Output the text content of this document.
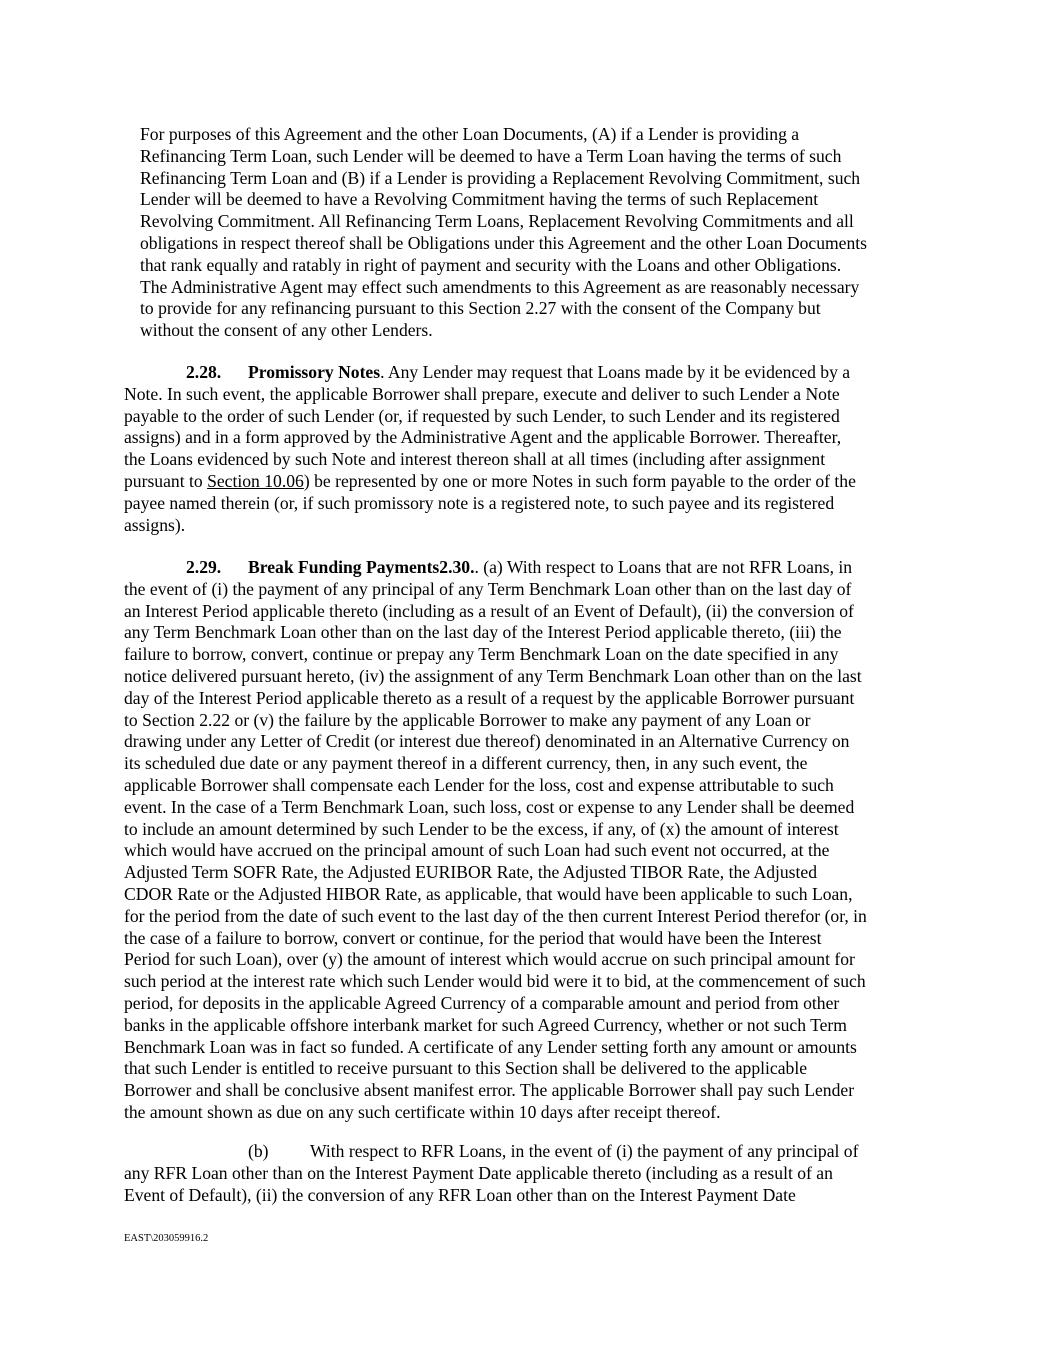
For purposes of this Agreement and the other Loan Documents, (A) if a Lender is providing a
Refinancing Term Loan, such Lender will be deemed to have a Term Loan having the terms of such
Refinancing Term Loan and (B) if a Lender is providing a Replacement Revolving Commitment, such
Lender will be deemed to have a Revolving Commitment having the terms of such Replacement
Revolving Commitment. All Refinancing Term Loans, Replacement Revolving Commitments and all
obligations in respect thereof shall be Obligations under this Agreement and the other Loan Documents
that rank equally and ratably in right of payment and security with the Loans and other Obligations.
The Administrative Agent may effect such amendments to this Agreement as are reasonably necessary
to provide for any refinancing pursuant to this Section 2.27 with the consent of the Company but
without the consent of any other Lenders.

2.28. Promissory Notes. Any Lender may request that Loans made by it be evidenced by a
Note. In such event, the applicable Borrower shall prepare, execute and deliver to such Lender a Note
payable to the order of such Lender (or, if requested by such Lender, to such Lender and its registered
assigns) and in a form approved by the Administrative Agent and the applicable Borrower. Thereafter,
the Loans evidenced by such Note and interest thereon shall at all times (including after assignment
pursuant to Section 10.06) be represented by one or more Notes in such form payable to the order of the
payee named therein (or, if such promissory note is a registered note, to such payee and its registered
assigns).

2.29. Break Funding Payments2.30.. (a) With respect to Loans that are not RFR Loans, in
the event of (i) the payment of any principal of any Term Benchmark Loan other than on the last day of
an Interest Period applicable thereto (including as a result of an Event of Default), (ii) the conversion of
any Term Benchmark Loan other than on the last day of the Interest Period applicable thereto, (iii) the
failure to borrow, convert, continue or prepay any Term Benchmark Loan on the date specified in any
notice delivered pursuant hereto, (iv) the assignment of any Term Benchmark Loan other than on the last
day of the Interest Period applicable thereto as a result of a request by the applicable Borrower pursuant
to Section 2.22 or (v) the failure by the applicable Borrower to make any payment of any Loan or
drawing under any Letter of Credit (or interest due thereof) denominated in an Alternative Currency on
its scheduled due date or any payment thereof in a different currency, then, in any such event, the
applicable Borrower shall compensate each Lender for the loss, cost and expense attributable to such
event. In the case of a Term Benchmark Loan, such loss, cost or expense to any Lender shall be deemed
to include an amount determined by such Lender to be the excess, if any, of (x) the amount of interest
which would have accrued on the principal amount of such Loan had such event not occurred, at the
Adjusted Term SOFR Rate, the Adjusted EURIBOR Rate, the Adjusted TIBOR Rate, the Adjusted
CDOR Rate or the Adjusted HIBOR Rate, as applicable, that would have been applicable to such Loan,
for the period from the date of such event to the last day of the then current Interest Period therefor (or, in
the case of a failure to borrow, convert or continue, for the period that would have been the Interest
Period for such Loan), over (y) the amount of interest which would accrue on such principal amount for
such period at the interest rate which such Lender would bid were it to bid, at the commencement of such
period, for deposits in the applicable Agreed Currency of a comparable amount and period from other
banks in the applicable offshore interbank market for such Agreed Currency, whether or not such Term
Benchmark Loan was in fact so funded. A certificate of any Lender setting forth any amount or amounts
that such Lender is entitled to receive pursuant to this Section shall be delivered to the applicable
Borrower and shall be conclusive absent manifest error. The applicable Borrower shall pay such Lender
the amount shown as due on any such certificate within 10 days after receipt thereof.

(b) With respect to RFR Loans, in the event of (i) the payment of any principal of
any RFR Loan other than on the Interest Payment Date applicable thereto (including as a result of an
Event of Default), (ii) the conversion of any RFR Loan other than on the Interest Payment Date

EAST\203059916.2
